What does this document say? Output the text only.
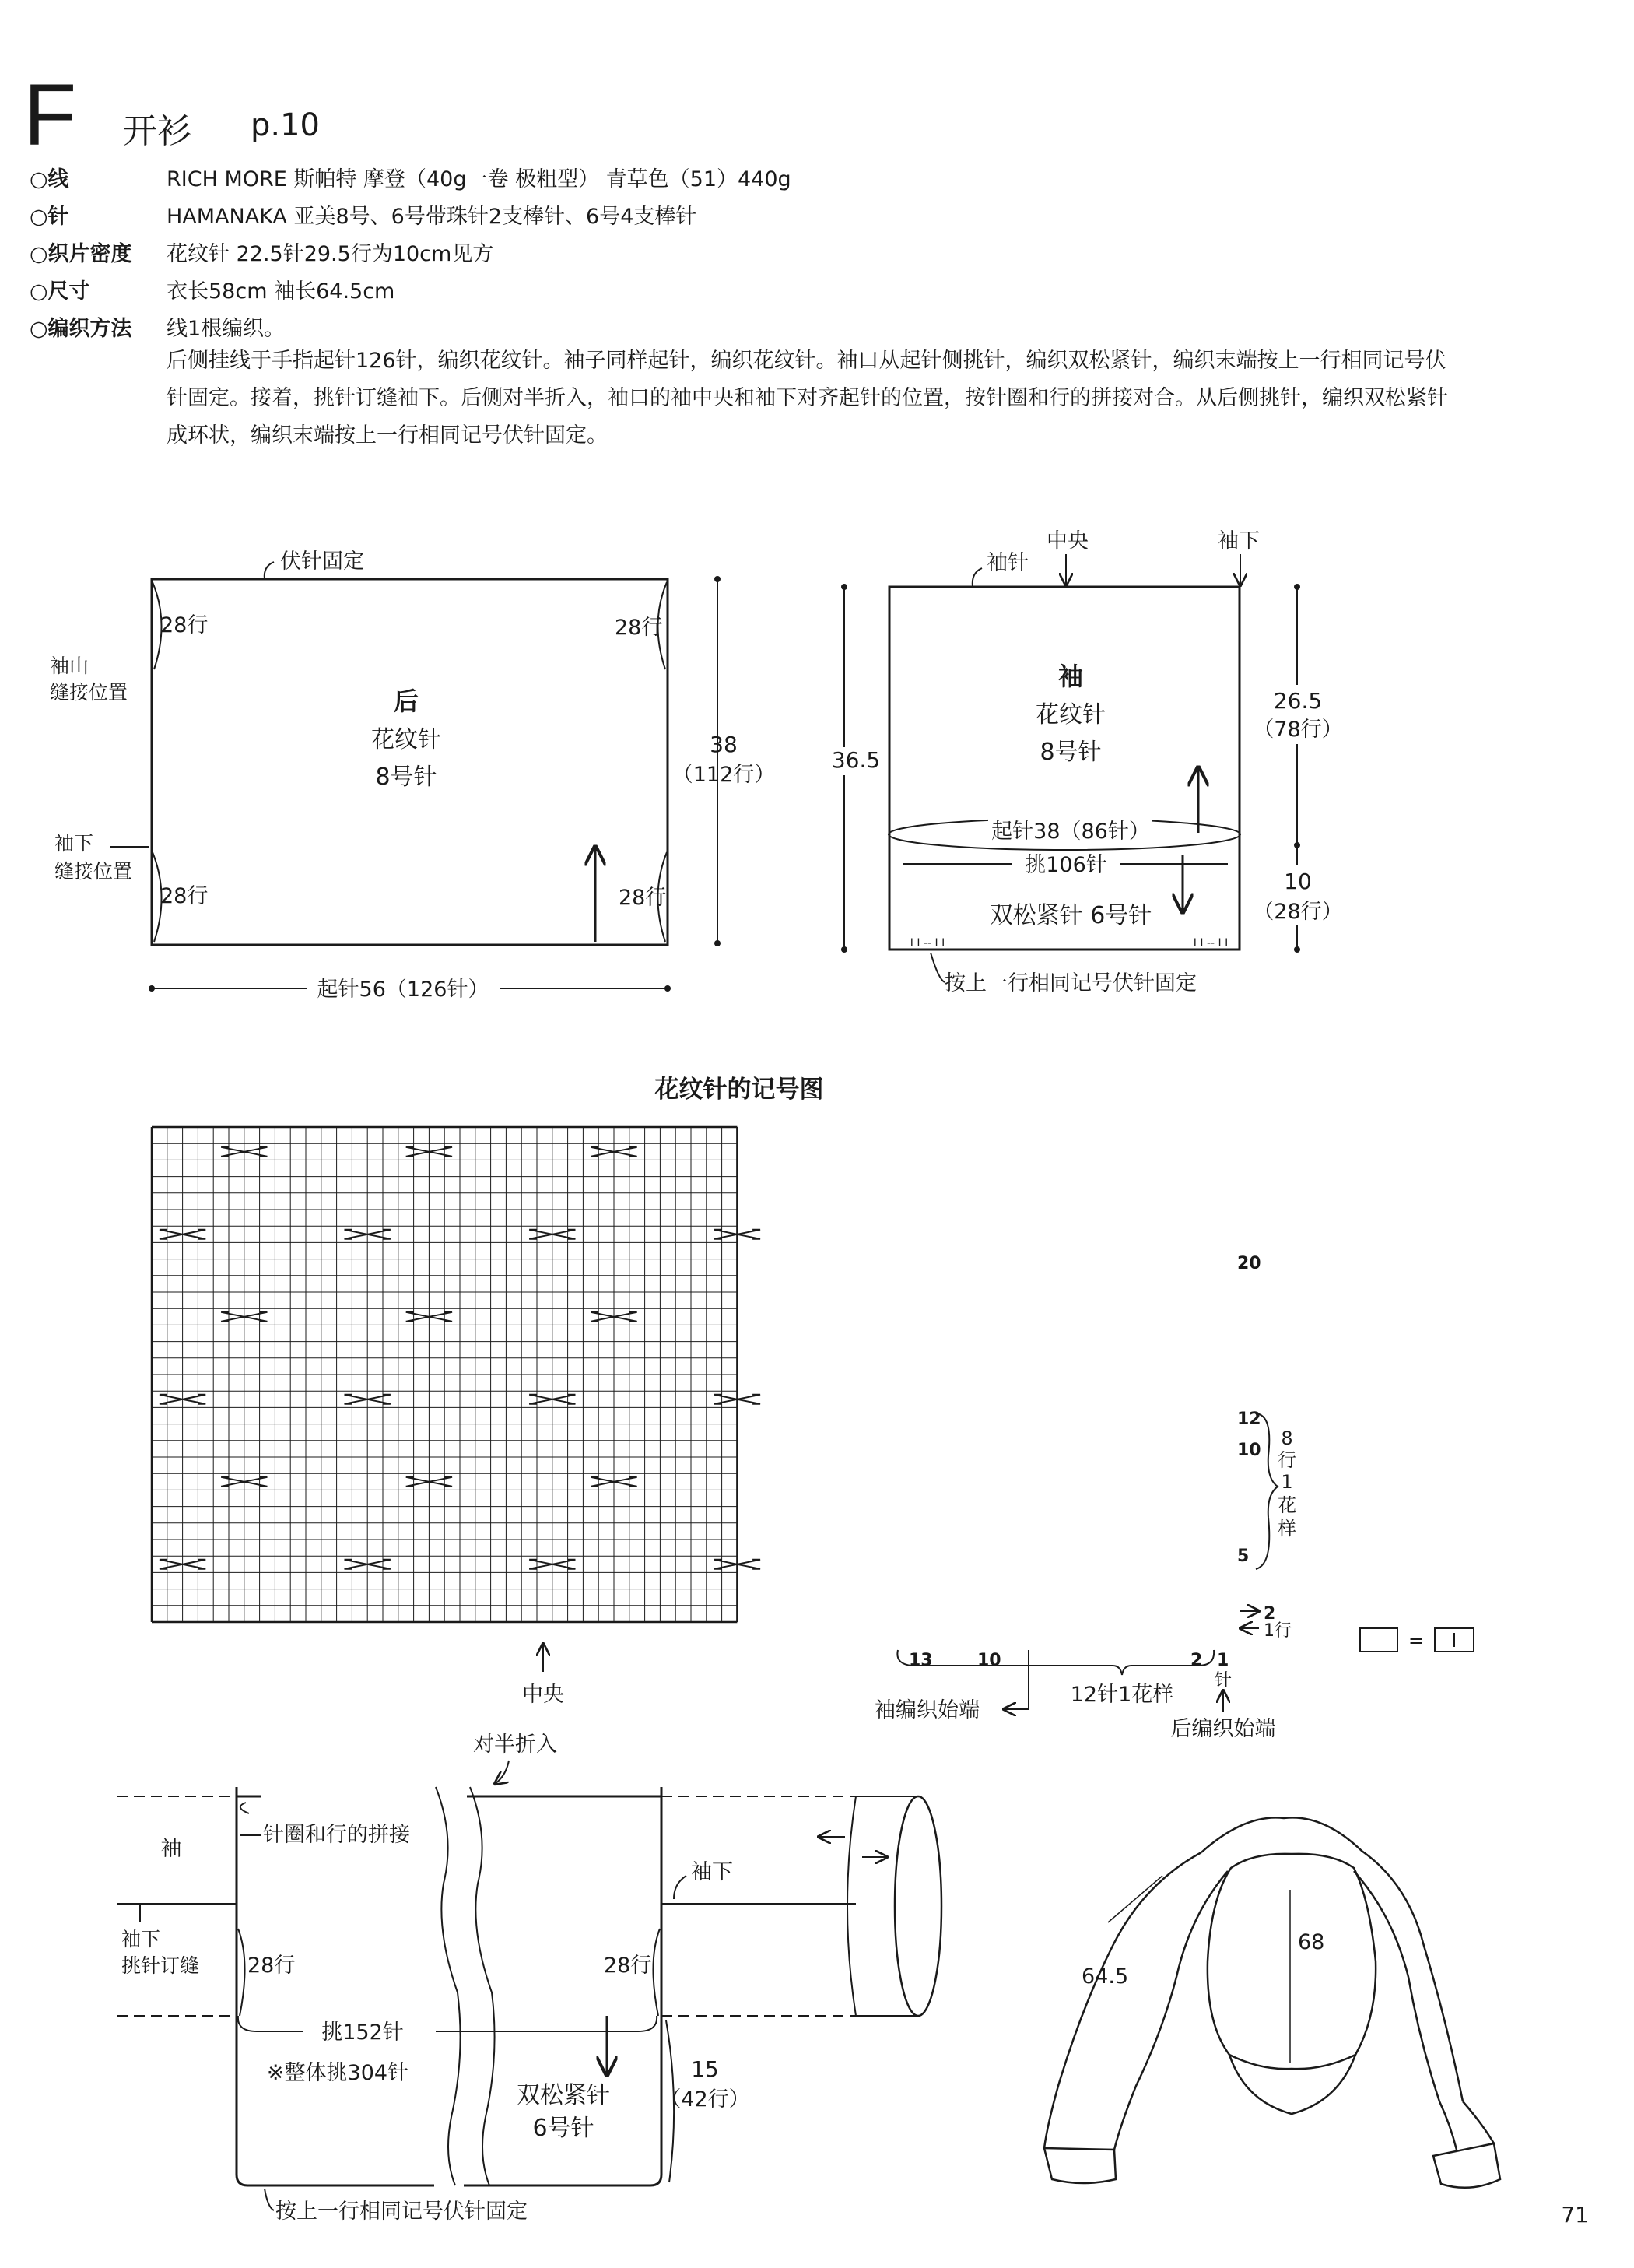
F 开衫 p.10
○线	RICH MORE 斯帕特 摩登（40g一卷 极粗型） 青草色（51）440g
○针	HAMANAKA 亚美8号、6号带珠针2支棒针、6号4支棒针
○织片密度 花纹针 22.5针29.5行为10cm见方
○尺寸	衣长58cm 袖长64.5cm
○编织方法 线1根编织。
后侧挂线于手指起针126针，编织花纹针。袖子同样起针，编织花纹针。袖口从起针侧挑针，编织双松紧针，编织末端按上一行相同记号伏
针固定。接着，挑针订缝袖下。后侧对半折入，袖口的袖中央和袖下对齐起针的位置，按针圈和行的拼接对合。从后侧挑针，编织双松紧针
成环状，编织末端按上一行相同记号伏针固定。
伏针固定
28行	28行
28行	28行
袖山
缝接位置
袖下
缝接位置
后
花纹针
8号针
38
（112行）
起针56（126针）
袖针
中央	袖下
袖
花纹针
8号针
起针38（86针）
挑106针
双松紧针 6号针
I I -- I I	I I -- I I
按上一行相同记号伏针固定
36.5
26.5
（78行）
10
（28行）
花纹针的记号图
20
12
10
5
8
行
1
花
样
2
1行
13	10	2 1
针
中央	12针1花样
袖编织始端
后编织始端
=
对半折入
袖
袖下
挑针订缝
针圈和行的拼接
28行	28行
袖下
挑152针
※整体挑304针
双松紧针
6号针
15
（42行）
按上一行相同记号伏针固定
64.5
68
71
